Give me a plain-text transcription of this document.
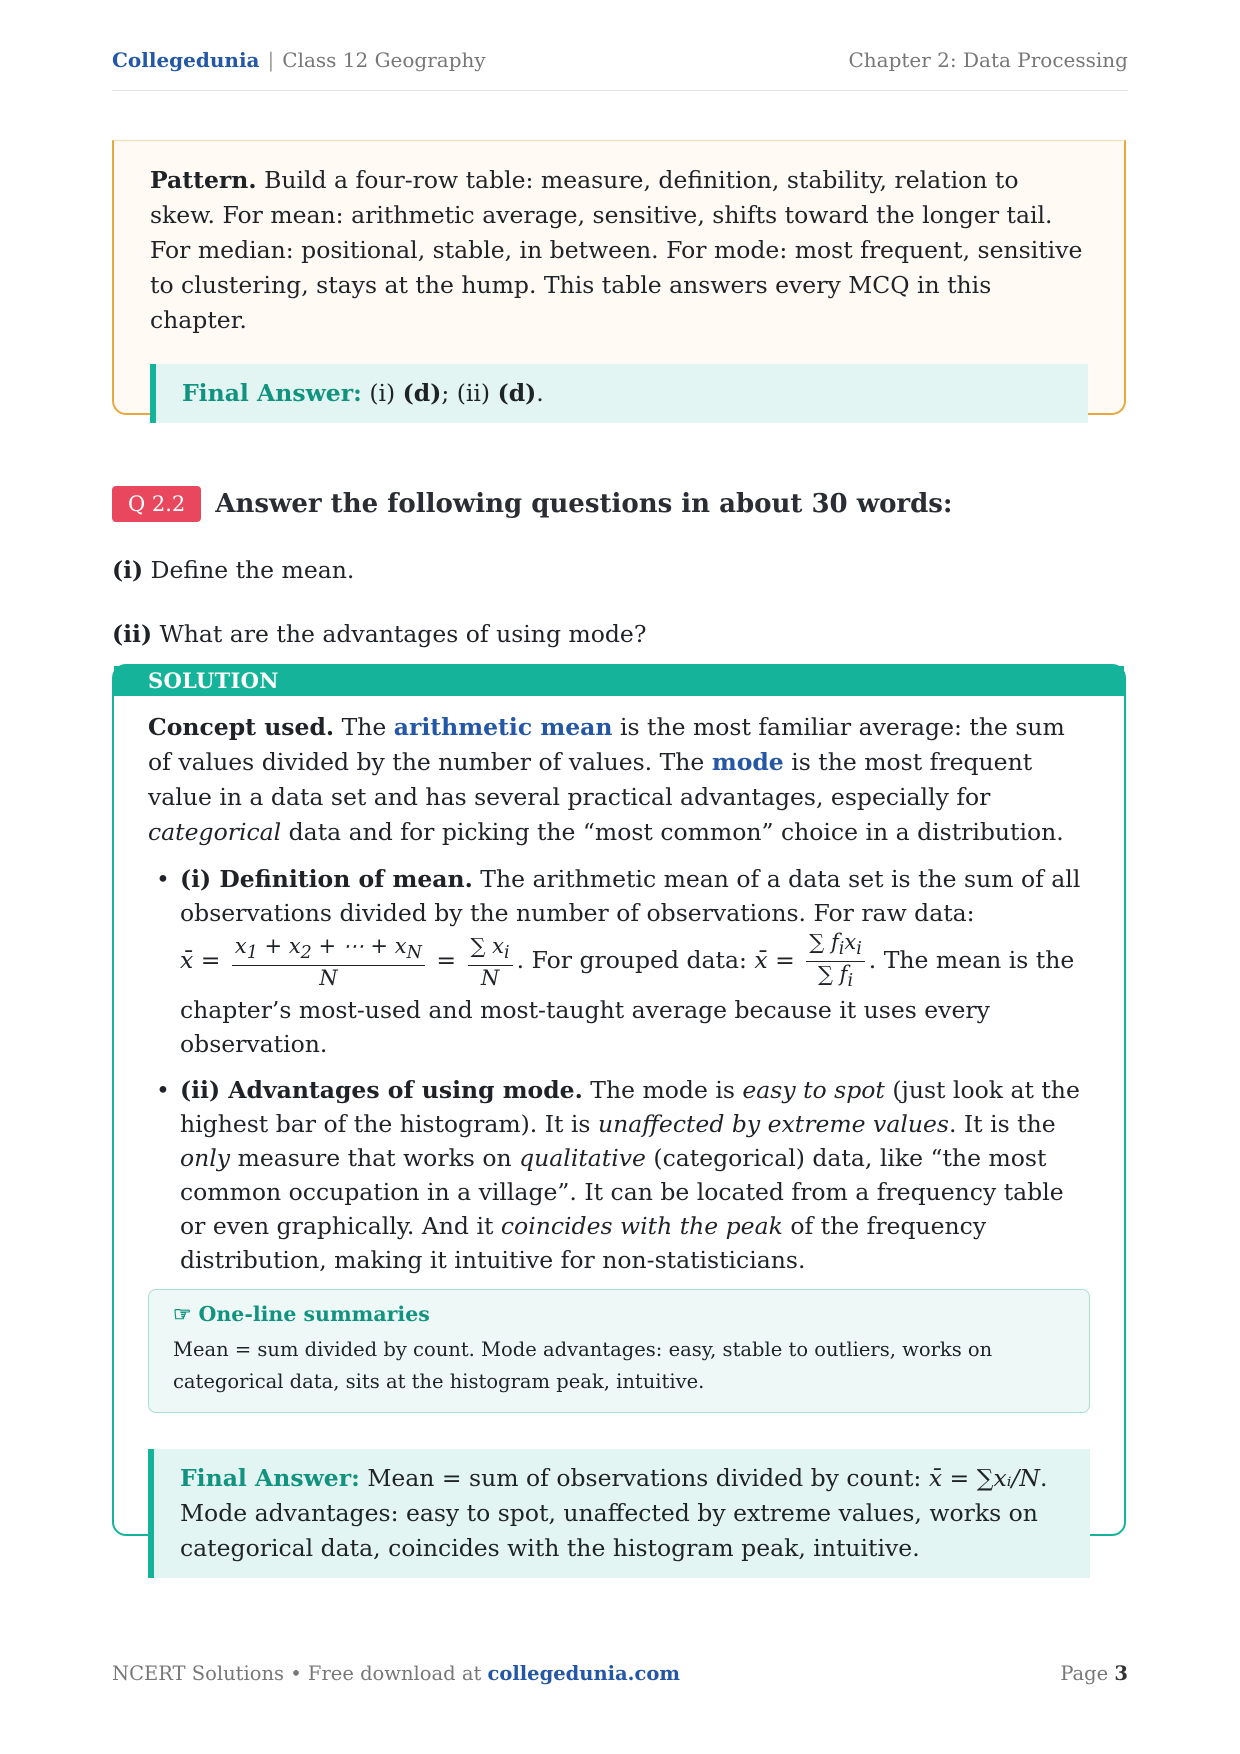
Collegedunia | Class 12 Geography	Chapter 2: Data Processing

Pattern. Build a four-row table: measure, definition, stability, relation to skew. For mean: arithmetic average, sensitive, shifts toward the longer tail. For median: positional, stable, in between. For mode: most frequent, sensitive to clustering, stays at the hump. This table answers every MCQ in this chapter.

Final Answer: (i) (d); (ii) (d).
Q 2.2	Answer the following questions in about 30 words:
(i) Define the mean.
(ii) What are the advantages of using mode?
SOLUTION

Concept used. The arithmetic mean is the most familiar average: the sum of values divided by the number of values. The mode is the most frequent value in a data set and has several practical advantages, especially for categorical data and for picking the “most common” choice in a distribution.

• (i) Definition of mean. The arithmetic mean of a data set is the sum of all observations divided by the number of observations. For raw data:
x̄ = $\frac{x_1 + x_2 + \cdots + x_N}{N} = \frac{\sum x_i}{N}$ . For grouped data: x̄ = $\frac{\sum f_ix_i}{\sum f_i}$ . The mean is the
chapter’s most-used and most-taught average because it uses every observation.
• (ii) Advantages of using mode. The mode is easy to spot (just look at the highest bar of the histogram). It is unaffected by extreme values. It is the only measure that works on qualitative (categorical) data, like “the most common occupation in a village”. It can be located from a frequency table or even graphically. And it coincides with the peak of the frequency distribution, making it intuitive for non-statisticians.
☞ One-line summaries
Mean = sum divided by count. Mode advantages: easy, stable to outliers, works on categorical data, sits at the histogram peak, intuitive.
Final Answer: Mean = sum of observations divided by count: x̄ = ∑xᵢ/N. Mode advantages: easy to spot, unaffected by extreme values, works on categorical data, coincides with the histogram peak, intuitive.
NCERT Solutions • Free download at collegedunia.com	Page 3
